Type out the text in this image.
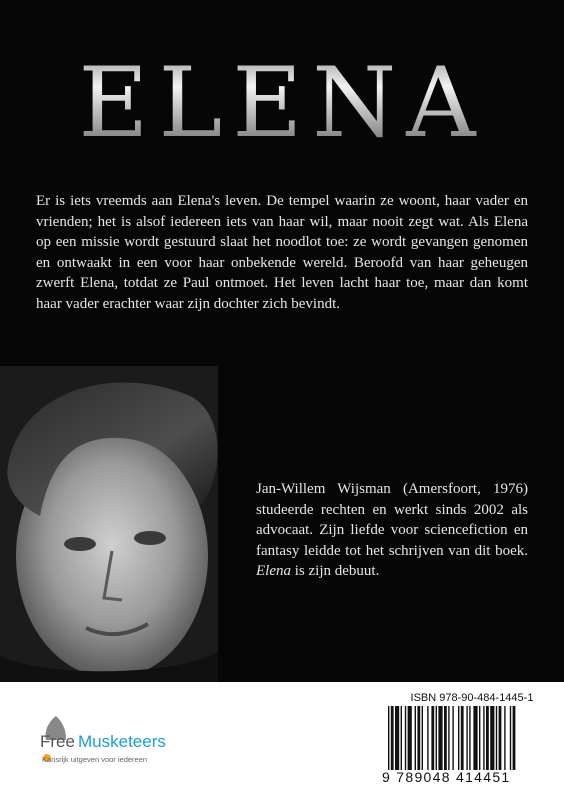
ELENA

Er is iets vreemds aan Elena's leven. De tempel waarin ze woont, haar vader en vrienden; het is alsof iedereen iets van haar wil, maar nooit zegt wat. Als Elena op een missie wordt gestuurd slaat het noodlot toe: ze wordt gevangen genomen en ontwaakt in een voor haar onbekende wereld. Beroofd van haar geheugen zwerft Elena, totdat ze Paul ontmoet. Het leven lacht haar toe, maar dan komt haar vader erachter waar zijn dochter zich bevindt.

Jan-Willem Wijsman (Amersfoort, 1976) studeerde rechten en werkt sinds 2002 als advocaat. Zijn liefde voor sciencefiction en fantasy leidde tot het schrijven van dit boek. Elena is zijn debuut.

Free Musketeers
Kansrijk uitgeven voor iedereen
ISBN 978-90-484-1445-1
9 789048 414451
